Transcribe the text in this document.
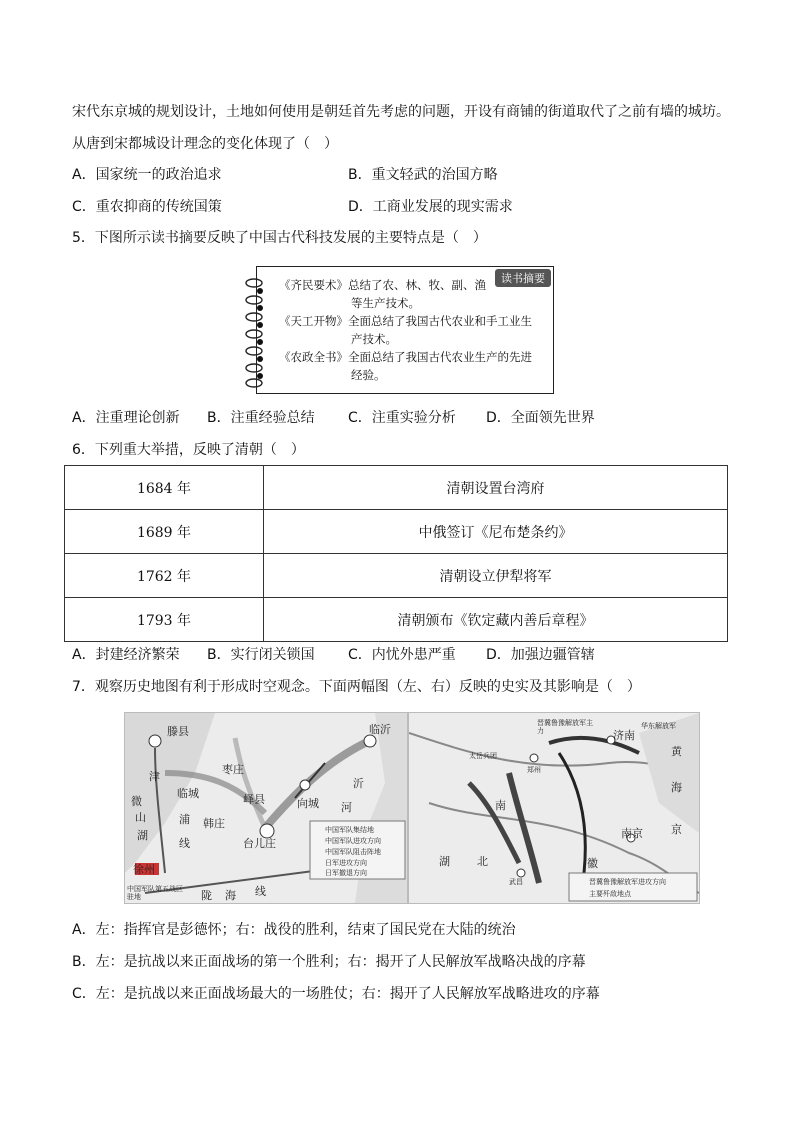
宋代东京城的规划设计，土地如何使用是朝廷首先考虑的问题，开设有商铺的街道取代了之前有墙的城坊。
从唐到宋都城设计理念的变化体现了（　）
A．国家统一的政治追求	B．重文轻武的治国方略
C．重农抑商的传统国策	D．工商业发展的现实需求
5．下图所示读书摘要反映了中国古代科技发展的主要特点是（　）
读书摘要
《齐民要术》总结了农、林、牧、副、渔
等生产技术。
《天工开物》全面总结了我国古代农业和手工业生
产技术。
《农政全书》全面总结了我国古代农业生产的先进
经验。
A．注重理论创新 B．注重经验总结 C．注重实验分析 D．全面领先世界
6．下列重大举措，反映了清朝（　）
1684 年	清朝设置台湾府
1689 年	中俄签订《尼布楚条约》
1762 年	清朝设立伊犁将军
1793 年	清朝颁布《钦定藏内善后章程》
A．封建经济繁荣 B．实行闭关锁国 C．内忧外患严重 D．加强边疆管辖
7．观察历史地图有利于形成时空观念。下面两幅图（左、右）反映的史实及其影响是（　）
滕县	临沂
枣庄
津
临城	峄县	向城
微
山
湖
浦 韩庄
线	台儿庄
沂
河
徐州
陇 海 线
中国军队第五战区驻地
中国军队集结地
中国军队进攻方向
中国军队阻击阵地
日军进攻方向
日军撤退方向
济南
太岳兵团
郑州
黄
海
南
京
南京
湖 北
武昌
徽
晋冀鲁豫解放军主力
华东解放军
晋冀鲁豫解放军进攻方向
主要歼敌地点
A．左：指挥官是彭德怀；右：战役的胜利，结束了国民党在大陆的统治
B．左：是抗战以来正面战场的第一个胜利；右：揭开了人民解放军战略决战的序幕
C．左：是抗战以来正面战场最大的一场胜仗；右：揭开了人民解放军战略进攻的序幕
